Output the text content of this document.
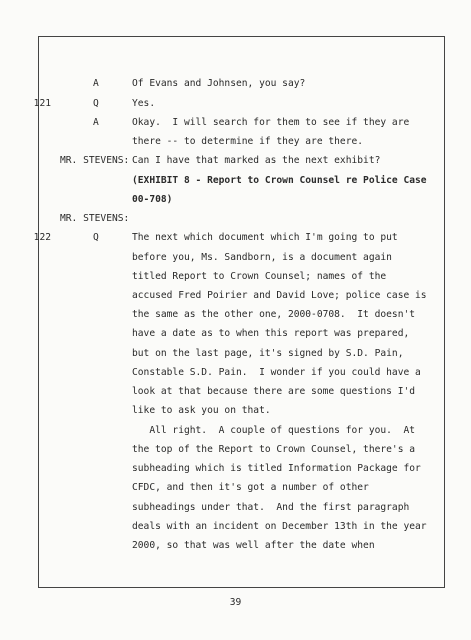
A	Of Evans and Johnsen, you say?
121	Q	Yes.
A	Okay.  I will search for them to see if they are
there -- to determine if they are there.
MR. STEVENS: Can I have that marked as the next exhibit?
(EXHIBIT 8 - Report to Crown Counsel re Police Case
00-708)
MR. STEVENS:
122	Q	The next which document which I'm going to put
before you, Ms. Sandborn, is a document again
titled Report to Crown Counsel; names of the
accused Fred Poirier and David Love; police case is
the same as the other one, 2000-0708.  It doesn't
have a date as to when this report was prepared,
but on the last page, it's signed by S.D. Pain,
Constable S.D. Pain.  I wonder if you could have a
look at that because there are some questions I'd
like to ask you on that.
All right.  A couple of questions for you.  At
the top of the Report to Crown Counsel, there's a
subheading which is titled Information Package for
CFDC, and then it's got a number of other
subheadings under that.  And the first paragraph
deals with an incident on December 13th in the year
2000, so that was well after the date when
39
